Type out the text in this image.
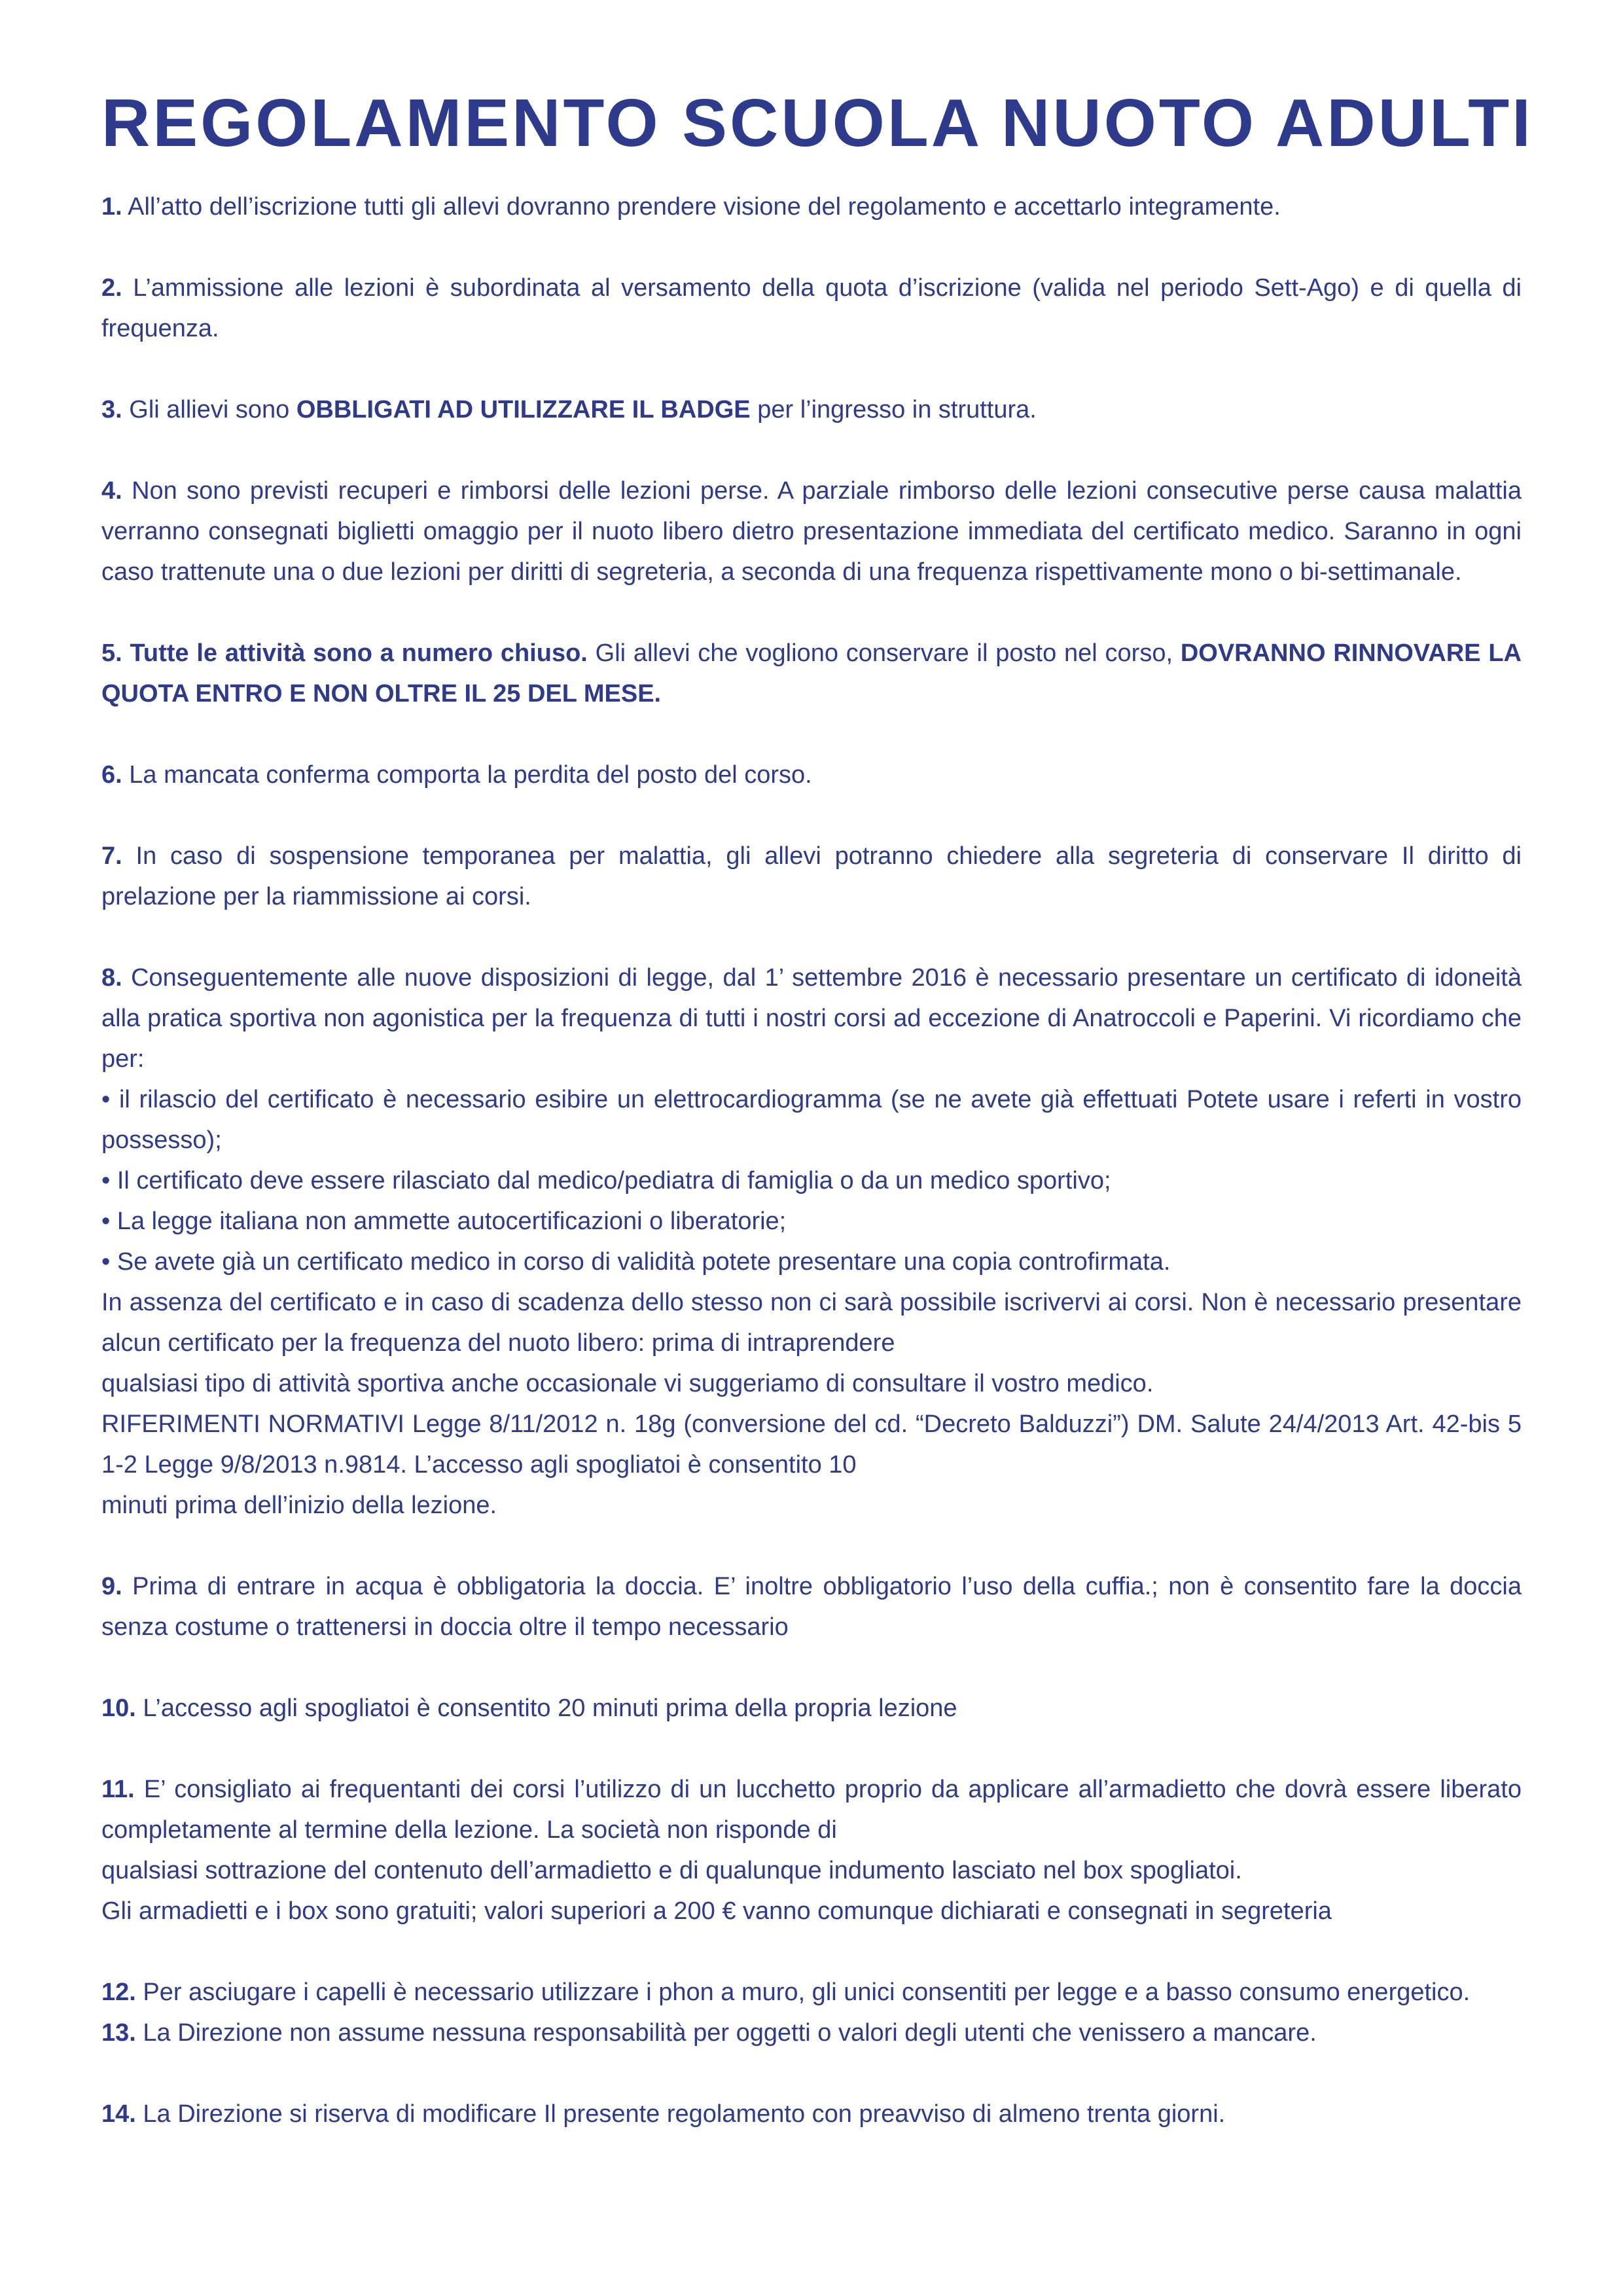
REGOLAMENTO SCUOLA NUOTO ADULTI

1. All’atto dell’iscrizione tutti gli allevi dovranno prendere visione del regolamento e accettarlo integramente.

2. L’ammissione alle lezioni è subordinata al versamento della quota d’iscrizione (valida nel periodo Sett-Ago) e di quella di frequenza.

3. Gli allievi sono OBBLIGATI AD UTILIZZARE IL BADGE per l’ingresso in struttura.

4. Non sono previsti recuperi e rimborsi delle lezioni perse. A parziale rimborso delle lezioni consecutive perse causa malattia verranno consegnati biglietti omaggio per il nuoto libero dietro presentazione immediata del certificato medico. Saranno in ogni caso trattenute una o due lezioni per diritti di segreteria, a seconda di una frequenza rispettivamente mono o bi-settimanale.

5. Tutte le attività sono a numero chiuso. Gli allevi che vogliono conservare il posto nel corso, DOVRANNO RINNOVARE LA QUOTA ENTRO E NON OLTRE IL 25 DEL MESE.

6. La mancata conferma comporta la perdita del posto del corso.

7. In caso di sospensione temporanea per malattia, gli allevi potranno chiedere alla segreteria di conservare Il diritto di prelazione per la riammissione ai corsi.

8. Conseguentemente alle nuove disposizioni di legge, dal 1’ settembre 2016 è necessario presentare un certificato di idoneità alla pratica sportiva non agonistica per la frequenza di tutti i nostri corsi ad eccezione di Anatroccoli e Paperini. Vi ricordiamo che per:
• il rilascio del certificato è necessario esibire un elettrocardiogramma (se ne avete già effettuati Potete usare i referti in vostro possesso);
• Il certificato deve essere rilasciato dal medico/pediatra di famiglia o da un medico sportivo;
• La legge italiana non ammette autocertificazioni o liberatorie;
• Se avete già un certificato medico in corso di validità potete presentare una copia controfirmata.
In assenza del certificato e in caso di scadenza dello stesso non ci sarà possibile iscrivervi ai corsi. Non è necessario presentare alcun certificato per la frequenza del nuoto libero: prima di intraprendere
qualsiasi tipo di attività sportiva anche occasionale vi suggeriamo di consultare il vostro medico.
RIFERIMENTI NORMATIVI Legge 8/11/2012 n. 18g (conversione del cd. “Decreto Balduzzi”) DM. Salute 24/4/2013 Art. 42-bis 5 1-2 Legge 9/8/2013 n.9814. L’accesso agli spogliatoi è consentito 10
minuti prima dell’inizio della lezione.

9. Prima di entrare in acqua è obbligatoria la doccia. E’ inoltre obbligatorio l’uso della cuffia.; non è consentito fare la doccia senza costume o trattenersi in doccia oltre il tempo necessario

10. L’accesso agli spogliatoi è consentito 20 minuti prima della propria lezione

11. E’ consigliato ai frequentanti dei corsi l’utilizzo di un lucchetto proprio da applicare all’armadietto che dovrà essere liberato completamente al termine della lezione. La società non risponde di
qualsiasi sottrazione del contenuto dell’armadietto e di qualunque indumento lasciato nel box spogliatoi.
Gli armadietti e i box sono gratuiti; valori superiori a 200 € vanno comunque dichiarati e consegnati in segreteria

12. Per asciugare i capelli è necessario utilizzare i phon a muro, gli unici consentiti per legge e a basso consumo energetico.

13. La Direzione non assume nessuna responsabilità per oggetti o valori degli utenti che venissero a mancare.

14. La Direzione si riserva di modificare Il presente regolamento con preavviso di almeno trenta giorni.
